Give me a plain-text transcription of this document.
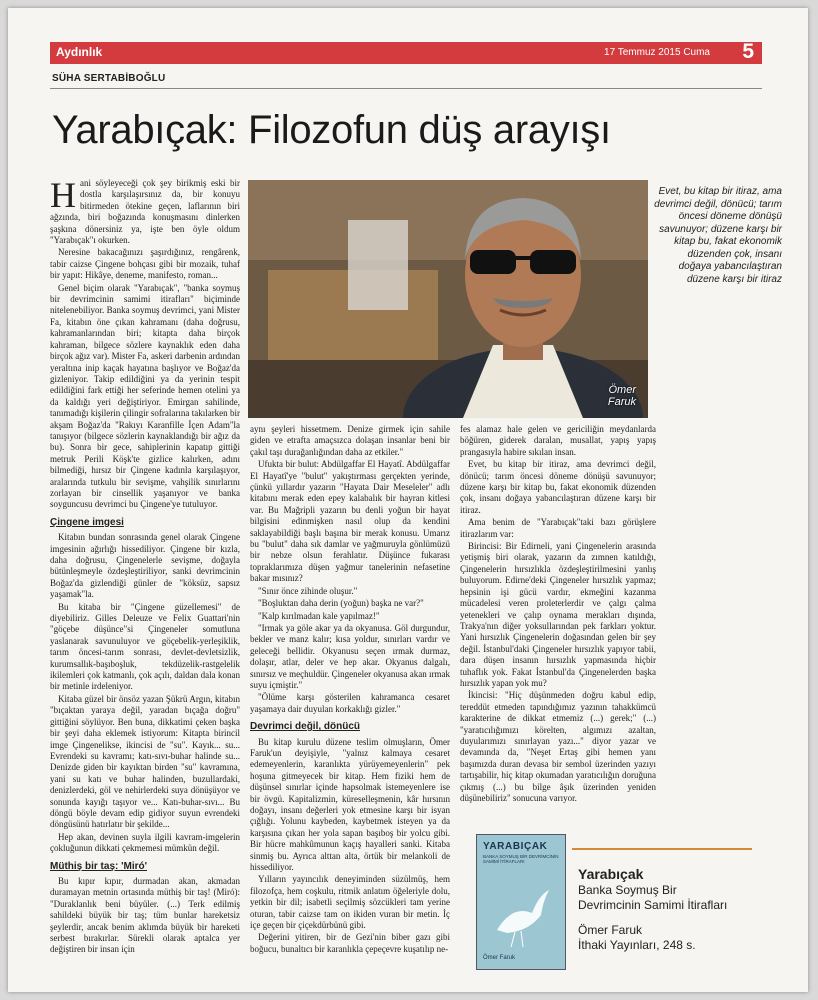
Aydınlık	17 Temmuz 2015 Cuma 5
SÜHA SERTABİBOĞLU
Yarabıçak: Filozofun düş arayışı
H ani söyleyeceği çok şey birikmiş eski bir dostla karşılaşırsınız da, bir konuyu bitirmeden ötekine geçen, laflarının biri ağzında, biri boğazında konuşmasını dinlerken şaşkına dönersiniz ya, işte ben öyle oldum "Yarabıçak"ı okurken.

Neresine bakacağınızı şaşırdığınız, rengârenk, tabir caizse Çingene bohçası gibi bir mozaik, tuhaf bir yapıt: Hikâye, deneme, manifesto, roman...

Genel biçim olarak "Yarabıçak", "banka soymuş bir devrimcinin samimi itirafları" biçiminde nitelenebiliyor. Banka soymuş devrimci, yani Mister Fa, kitabın öne çıkan kahramanı (daha doğrusu, kahramanlarından biri; kitapta daha birçok kahraman, bilgece sözlere kaynaklık eden daha birçok ağız var). Mister Fa, askeri darbenin ardından yeraltına inip kaçak hayatına başlıyor ve Boğaz'da gizleniyor. Takip edildiğini ya da yerinin tespit edildiğini fark ettiği her seferinde hemen otelini ya da kaldığı yeri değiştiriyor. Emirgan sahilinde, tanımadığı kişilerin çilingir sofralarına takılarken bir akşam Boğaz'da "Rakıyı Karanfille İçen Adam"la tanışıyor (bilgece sözlerin kaynaklandığı bir ağız da bu). Sonra bir gece, sahiplerinin kapatıp gittiği metruk Perili Köşk'te gizlice kalırken, adını bilmediği, hırsız bir Çingene kadınla karşılaşıyor, aralarında tutkulu bir sevişme, vahşilik sınırlarını zorlayan bir cinsellik yaşanıyor ve banka soyguncusu devrimci bu Çingene'ye tutuluyor.

Çingene imgesi

Kitabın bundan sonrasında genel olarak Çingene imgesinin ağırlığı hissediliyor. Çingene bir kızla, daha doğrusu, Çingenelerle sevişme, doğayla bütünleşmeyle özdeşleştiriliyor, sanki devrimcinin Boğaz'da gizlendiği günler de "köksüz, sapsız yaşamak"la.

Bu kitaba bir "Çingene güzellemesi" de diyebiliriz. Gilles Deleuze ve Felix Guattari'nin "göçebe düşünce"si Çingeneler somutluna yaslanarak savunuluyor ve göçebelik-yerleşiklik, tarım öncesi-tarım sonrası, devlet-devletsizlik, kurumsallık-başıboşluk, tekdüzelik-rastgelelik ikilemleri çok katmanlı, çok açılı, daldan dala konan bir metinle irdeleniyor.

Kitaba güzel bir önsöz yazan Şükrü Argın, kitabın "bıçaktan yaraya değil, yaradan bıçağa doğru" gittiğini söylüyor. Ben buna, dikkatimi çeken başka bir şeyi daha eklemek istiyorum: Kitapta birincil imge Çingenelikse, ikincisi de "su". Kayık... su... Evrendeki su kavramı; katı-sıvı-buhar halinde su... Denizde giden bir kayıktan birden "su" kavramına, yani su katı ve buhar halinden, buzullardaki, denizlerdeki, göl ve nehirlerdeki suya dönüşüyor ve sonunda kayığı taşıyor ve... Katı-buhar-sıvı... Bu döngü böyle devam edip gidiyor suyun evrendeki döngüsünü hatırlatır bir şekilde...

Hep akan, devinen suyla ilgili kavram-imgelerin çokluğunun dikkati çekmemesi mümkün değil.

Müthiş bir taş: 'Miró'

Bu kıpır kıpır, durmadan akan, akmadan duramayan metnin ortasında müthiş bir taş! (Miró): "Duraklanlık beni büyüler. (...) Terk edilmiş sahildeki büyük bir taş; tüm bunlar hareketsiz şeylerdir, ancak benim aklımda büyük bir hareketi serbest bırakırlar. Sürekli olarak aptalca yer değiştiren bir insan için

Ömer
Faruk
Evet, bu kitap bir itiraz, ama devrimci değil, dönücü; tarım öncesi döneme dönüşü savunuyor; düzene karşı bir kitap bu, fakat ekonomik düzenden çok, insanı doğaya yabancılaştıran düzene karşı bir itiraz

aynı şeyleri hissetmem. Denize girmek için sahile giden ve etrafta amaçsızca dolaşan insanlar beni bir çakıl taşı durağanlığından daha az etkiler."

Ufukta bir bulut: Abdülgaffar El Hayatî. Abdülgaffar El Hayatî'ye "bulut" yakıştırması gerçekten yerinde, çünkü yıllardır yazarın "Hayata Dair Meseleler" adlı kitabını merak eden epey kalabalık bir hayran kitlesi var. Bu Mağripli yazarın bu denli yoğun bir hayat bilgisini edinmişken nasıl olup da kendini saklayabildiği başlı başına bir merak konusu. Umarız bu "bulut" daha sık damlar ve yağmuruyla gönlümüzü bir nebze olsun ferahlatır. Düşünce fukarası topraklarımıza düşen yağmur tanelerinin nefasetine bakar mısınız?

"Sınır önce zihinde oluşur."

"Boşluktan daha derin (yoğun) başka ne var?"

"Kalp kırılmadan kale yapılmaz!"

"Irmak ya göle akar ya da okyanusa. Göl durgundur, bekler ve manz kalır; kısa yoldur, sınırları vardır ve geleceği bellidir. Okyanusu seçen ırmak durmaz, dolaşır, atlar, deler ve hep akar. Okyanus dalgalı, sınırsız ve meçhuldür. Çingeneler okyanusa akan ırmak suyu içmiştir."

"Ölüme karşı gösterilen kahramanca cesaret yaşamaya dair duyulan korkaklığı gizler."

Devrimci değil, dönücü

Bu kitap kurulu düzene teslim olmuşların, Ömer Faruk'un deyişiyle, "yalnız kalmaya cesaret edemeyenlerin, karanlıkta yürüyemeyenlerin" pek hoşuna gitmeyecek bir kitap. Hem fiziki hem de düşünsel sınırlar içinde hapsolmak istemeyenlere ise bir övgü. Kapitalizmin, küreselleşmenin, kâr hırsının doğayı, insanı değerleri yok etmesine karşı bir isyan çığlığı. Yolunu kaybeden, kaybetmek isteyen ya da karşısına çıkan her yola sapan başıboş bir yolcu gibi. Bir hücre mahkûmunun kaçış hayalleri sanki. Kitaba sinmiş bu. Ayrıca alttan alta, örtük bir melankoli de hissediliyor.

Yılların yayıncılık deneyiminden süzülmüş, hem filozofça, hem coşkulu, ritmik anlatım öğeleriyle dolu, yetkin bir dil; isabetli seçilmiş sözcükleri tam yerine oturan, tabir caizse tam on ikiden vuran bir metin. İç içe geçen bir çiçekdürbünü gibi.

Değerini yitiren, bir de Gezi'nin biber gazı gibi boğucu, bunaltıcı bir karanlıkla çepeçevre kuşatılıp ne-

fes alamaz hale gelen ve gericiliğin meydanlarda böğüren, giderek daralan, musallat, yapış yapış prangasıyla habire sıkılan insan.

Evet, bu kitap bir itiraz, ama devrimci değil, dönücü; tarım öncesi döneme dönüşü savunuyor; düzene karşı bir kitap bu, fakat ekonomik düzenden çok, insanı doğaya yabancılaştıran düzene karşı bir itiraz.

Ama benim de "Yarabıçak"taki bazı görüşlere itirazlarım var:

Birincisi: Bir Edirneli, yani Çingenelerin arasında yetişmiş biri olarak, yazarın da zımnen katıldığı, Çingenelerin hırsızlıkla özdeşleştirilmesini yanlış buluyorum. Edirne'deki Çingeneler hırsızlık yapmaz; hepsinin işi gücü vardır, ekmeğini kazanma mücadelesi veren proleterlerdir ve çalgı çalma yetenekleri ve çalıp oynama merakları dışında, Trakya'nın diğer yoksullarından pek farkları yoktur. Yani hırsızlık Çingenelerin doğasından gelen bir şey değil. İstanbul'daki Çingeneler hırsızlık yapıyor tabii, dara düşen insanın hırsızlık yapmasında hiçbir tuhaflık yok. Fakat İstanbul'da Çingenelerden başka hırsızlık yapan yok mu?

İkincisi: "Hiç düşünmeden doğru kabul edip, tereddüt etmeden tapındığımız yazının tahakkümcü karakterine de dikkat etmemiz (...) gerek;" (...) "yaratıcılığımızı körelten, algımızı azaltan, duyularımızı sınırlayan yazı..." diyor yazar ve devamında da, "Neşet Ertaş gibi hemen yanı başımızda duran devasa bir sembol üzerinden yazıyı tartışabilir, hiç kitap okumadan yaratıcılığın doruğuna çıkmış (...) bu bilge âşık üzerinden yeniden düşünebiliriz" sonucuna varıyor.

YARABIÇAK
BANKA SOYMUŞ BİR DEVRİMCİNİN SAMİMİ İTİRAFLARI
Ömer Faruk
Yarabıçak
Banka Soymuş Bir
Devrimcinin Samimi İtirafları
Ömer Faruk
İthaki Yayınları, 248 s.
